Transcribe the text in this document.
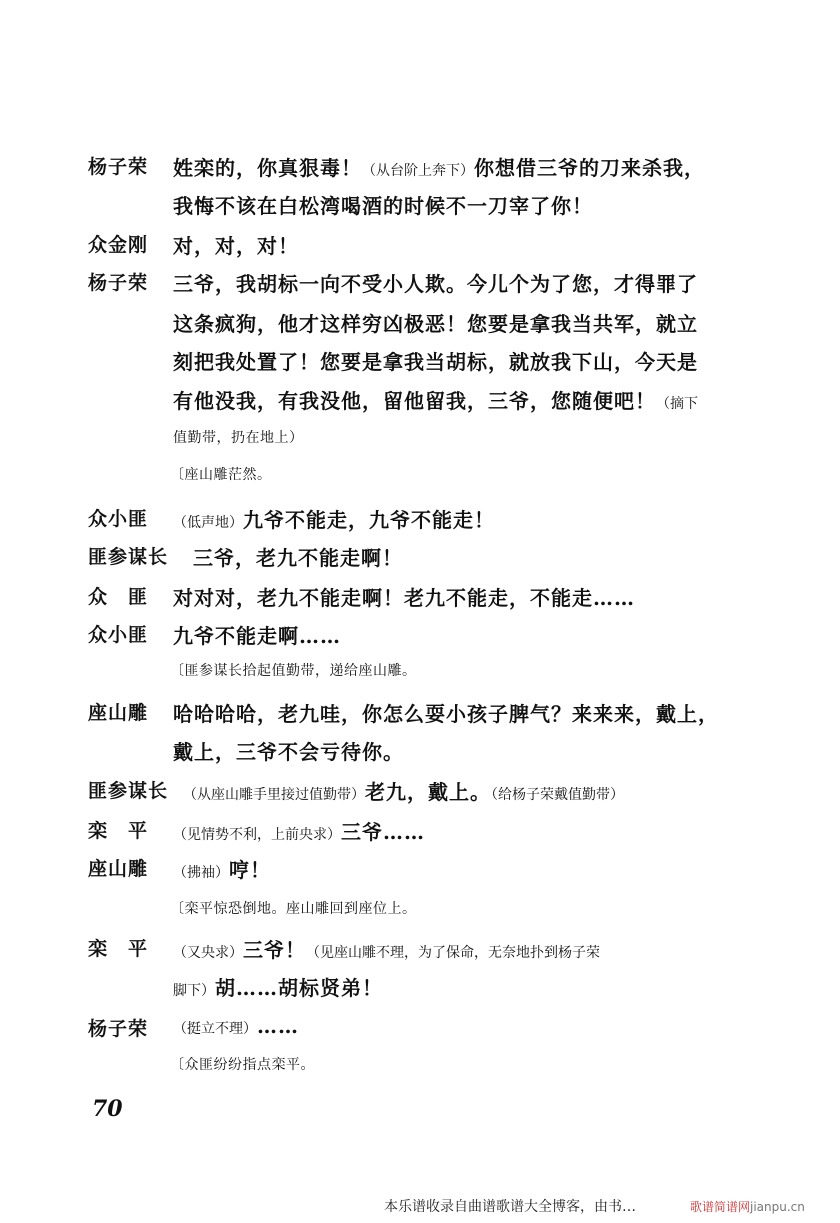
杨子荣 姓栾的，你真狠毒！（从台阶上奔下）你想借三爷的刀来杀我，
我悔不该在白松湾喝酒的时候不一刀宰了你！
众金刚 对，对，对！
杨子荣 三爷，我胡标一向不受小人欺。今儿个为了您，才得罪了
这条疯狗，他才这样穷凶极恶！您要是拿我当共军，就立
刻把我处置了！您要是拿我当胡标，就放我下山，今天是
有他没我，有我没他，留他留我，三爷，您随便吧！（摘下
值勤带，扔在地上）
〔座山雕茫然。
众小匪 （低声地）九爷不能走，九爷不能走！
匪参谋长 三爷，老九不能走啊！
众　匪 对对对，老九不能走啊！老九不能走，不能走……
众小匪 九爷不能走啊……
〔匪参谋长拾起值勤带，递给座山雕。
座山雕 哈哈哈哈，老九哇，你怎么耍小孩子脾气？来来来，戴上，
戴上，三爷不会亏待你。
匪参谋长 （从座山雕手里接过值勤带）老九，戴上。（给杨子荣戴值勤带）
栾　平 （见情势不利，上前央求）三爷……
座山雕 （拂袖）哼！
〔栾平惊恐倒地。座山雕回到座位上。
栾　平 （又央求）三爷！（见座山雕不理，为了保命，无奈地扑到杨子荣
脚下）胡……胡标贤弟！
杨子荣 （挺立不理）……
〔众匪纷纷指点栾平。
70
本乐谱收录自曲谱歌谱大全博客，由书…	歌谱简谱网jianpu.cn
